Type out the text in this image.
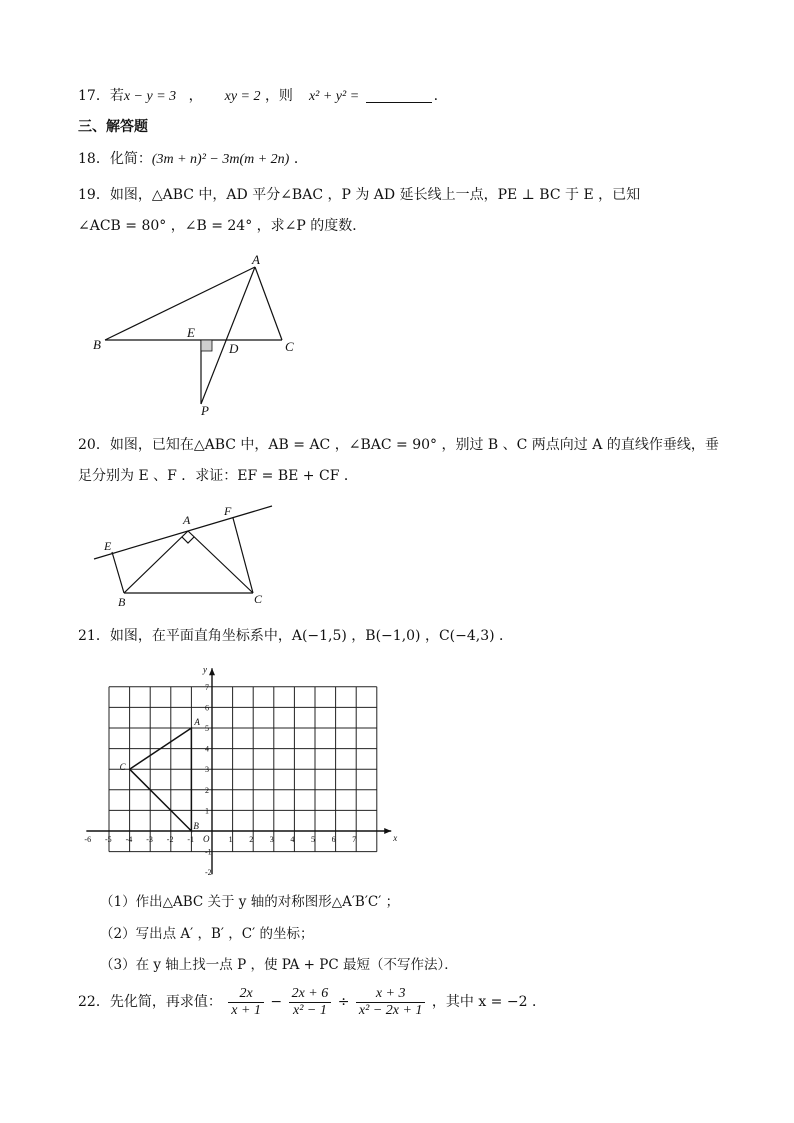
17．若x − y = 3 ， xy = 2 ，则 x² + y² =	.
三、解答题
18．化简：(3m + n)² − 3m(m + 2n) ．
19．如图，△ABC 中，AD 平分∠BAC ，P 为 AD 延长线上一点，PE ⊥ BC 于 E ，已知
∠ACB = 80° ，∠B = 24° ，求∠P 的度数．
A
B	C
E
D
P
20．如图，已知在△ABC 中，AB = AC ，∠BAC = 90° ，别过 B 、C 两点向过 A 的直线作垂线，垂
足分别为 E 、F ．求证：EF = BE + CF ．
A
E
F
B	C
21．如图，在平面直角坐标系中，A(−1,5) ，B(−1,0) ，C(−4,3) ．
-6 -5 -4 -3 -2 -1	1 2 3 4 5 6 7
7
6
5
4
3
2
1
-1
-2
O	x
y
A
B
C
（1）作出△ABC 关于 y 轴的对称图形△A′B′C′ ；
（2）写出点 A′ ，B′ ，C′ 的坐标；
（3）在 y 轴上找一点 P ，使 PA + PC 最短（不写作法）．
22．先化简，再求值： $\frac{2x}{x + 1} - \frac{2x + 6}{\text{x² − 1}} \div \frac{x + 3}{\text{x² − 2x + 1}}$ ，其中 x = −2 ．
